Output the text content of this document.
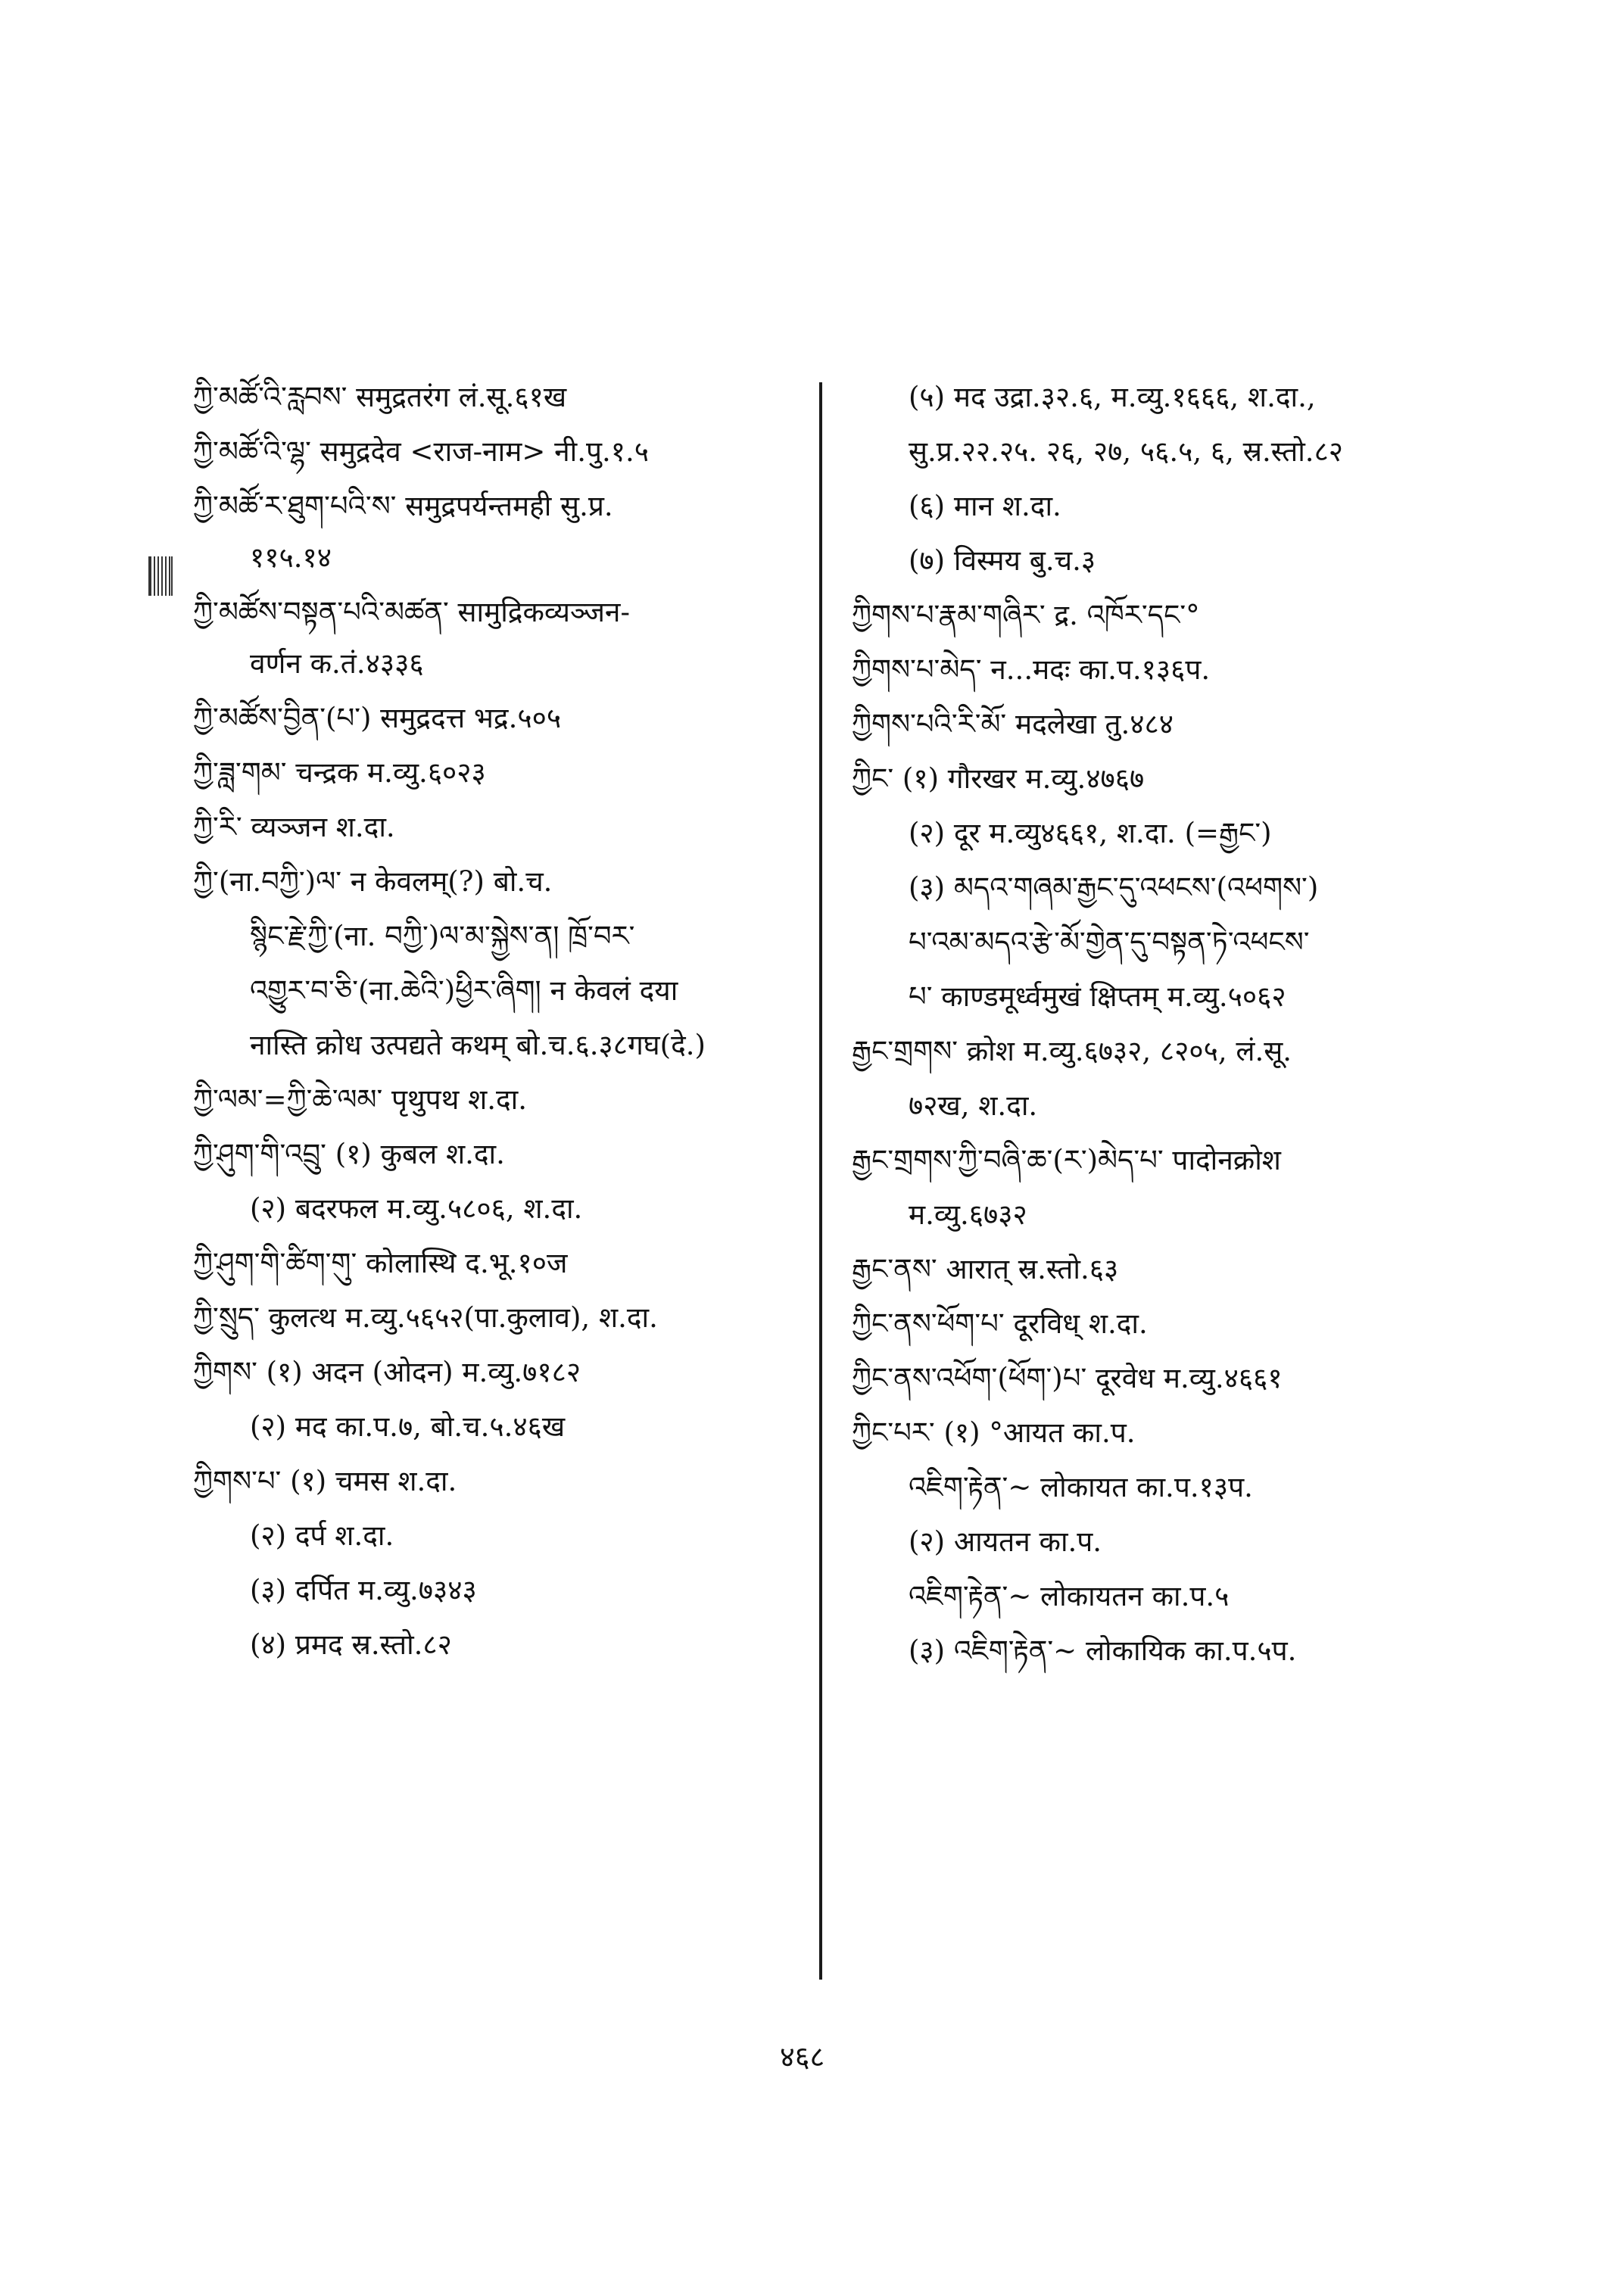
ཀྱི་མཚོ་འི་རླབས་ समुद्रतरंग लं.सू.६१ख
ཀྱི་མཚོ་འི་ལྷ་ समुद्रदेव <राज-नाम> नी.पु.१.५
ཀྱི་མཚོ་ར་ཐུག་པའི་ས་ समुद्रपर्यन्तमही सु.प्र.
११५.१४
ཀྱི་མཚོས་བསྟན་པའི་མཚན་ सामुद्रिकव्यञ्जन-
वर्णन क.तं.४३३६
ཀྱི་མཚོས་བྱིན་(པ་) समुद्रदत्त भद्र.५०५
ཀྱི་ཟླ་གམ་ चन्द्रक म.व्यु.६०२३
ཀྱི་རི་ व्यञ्जन श.दा.
ཀྱི་(ना.བཀྱི་)ལ་ न केवलम्(?) बो.च.
སྙིང་རྗེ་ཀྱི་(ना. བཀྱི་)ལ་མ་སྐྱེས་ན། ཁྲོ་བར་
འགྱུར་བ་ཅི་(ना.ཆེའི་)ཕྱིར་ཞིག། न केवलं दया
नास्ति क्रोध उत्पद्यते कथम् बो.च.६.३८गघ(दे.)
ཀྱི་ལམ་=ཀྱི་ཆེ་ལམ་ पृथुपथ श.दा.
ཀྱི་ཤུག་གི་འབྲུ་ (१) कुबल श.दा.
(२) बदरफल म.व्यु.५८०६, श.दा.
ཀྱི་ཤུག་གི་ཚིག་གུ་ कोलास्थि द.भू.१०ज
ཀྱི་སྲུད་ कुलत्थ म.व्यु.५६५२(पा.कुलाव), श.दा.
ཀྱིགས་ (१) अदन (ओदन) म.व्यु.७१८२
(२) मद का.प.७, बो.च.५.४६ख
ཀྱིགས་པ་ (१) चमस श.दा.
(२) दर्प श.दा.
(३) दर्पित म.व्यु.७३४३
(४) प्रमद स्र.स्तो.८२
(५) मद उद्रा.३२.६, म.व्यु.१६६६, श.दा.,
सु.प्र.२२.२५. २६, २७, ५६.५, ६, स्र.स्तो.८२
(६) मान श.दा.
(७) विस्मय बु.च.३
ཀྱིགས་པ་རྣམ་གཞིར་ द्र. འཁོར་དང་°
ཀྱིགས་པ་མེད་ न...मदः का.प.१३६प.
ཀྱིགས་པའི་རི་མོ་ मदलेखा तु.४८४
ཀྱིང་ (१) गौरखर म.व्यु.४७६७
(२) दूर म.व्यु४६६१, श.दा. (=རྒྱང་)
(३) མདའ་གཞམ་རྒྱང་དུ་འཕངས་(འཕགས་)
པ་འམ་མདའ་རྩེ་མོ་གྱེན་དུ་བསྟན་ཏེ་འཕངས་
པ་ काण्डमूर्ध्वमुखं क्षिप्तम् म.व्यु.५०६२
རྒྱང་གྲགས་ क्रोश म.व्यु.६७३२, ८२०५, लं.सू.
७२ख, श.दा.
རྒྱང་གྲགས་ཀྱི་བཞི་ཆ་(ར་)མེད་པ་ पादोनक्रोश
म.व्यु.६७३२
རྒྱང་ནས་ आरात् स्र.स्तो.६३
ཀྱིང་ནས་ཕོག་པ་ दूरविध् श.दा.
ཀྱིང་ནས་འཕོག་(ཕོག་)པ་ दूरवेध म.व्यु.४६६१
ཀྱིང་པར་ (१) °आयत का.प.
འཇིག་རྟེན་~ लोकायत का.प.१३प.
(२) आयतन का.प.
འཇིག་རྟེན་~ लोकायतन का.प.५
(३) འཇིག་རྟེན་~ लोकायिक का.प.५प.
४६८
